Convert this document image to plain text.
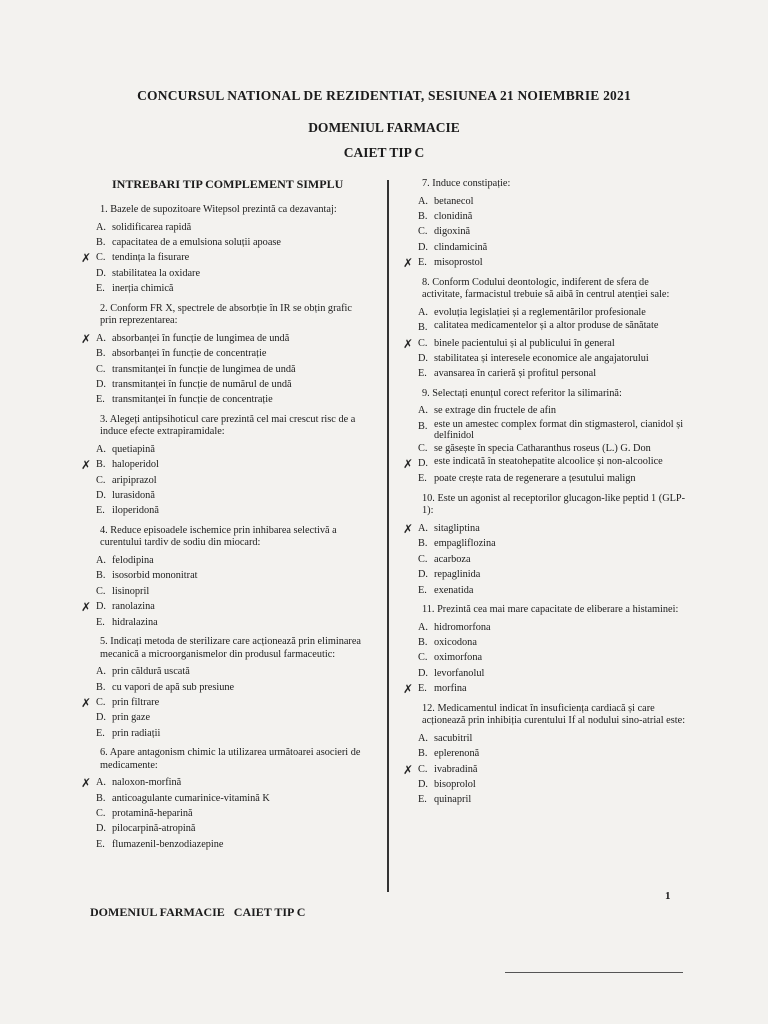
CONCURSUL NATIONAL DE REZIDENTIAT, SESIUNEA 21 NOIEMBRIE 2021
DOMENIUL FARMACIE
CAIET TIP C
INTREBARI TIP COMPLEMENT SIMPLU
1. Bazele de supozitoare Witepsol prezintă ca dezavantaj:
A. solidificarea rapidă
B. capacitatea de a emulsiona soluții apoase
✗ C. tendința la fisurare
D. stabilitatea la oxidare
E. inerția chimică
2. Conform FR X, spectrele de absorbție în IR se obțin grafic prin reprezentarea:
✗ A. absorbanței în funcție de lungimea de undă
B. absorbanței în funcție de concentrație
C. transmitanței în funcție de lungimea de undă
D. transmitanței în funcție de numărul de undă
E. transmitanței în funcție de concentrație
3. Alegeți antipsihoticul care prezintă cel mai crescut risc de a induce efecte extrapiramidale:
A. quetiapină
✗ B. haloperidol
C. aripiprazol
D. lurasidonă
E. iloperidonă
4. Reduce episoadele ischemice prin inhibarea selectivă a curentului tardiv de sodiu din miocard:
A. felodipina
B. isosorbid mononitrat
C. lisinopril
✗ D. ranolazina
E. hidralazina
5. Indicați metoda de sterilizare care acționează prin eliminarea mecanică a microorganismelor din produsul farmaceutic:
A. prin căldură uscată
B. cu vapori de apă sub presiune
✗ C. prin filtrare
D. prin gaze
E. prin radiații
6. Apare antagonism chimic la utilizarea următoarei asocieri de medicamente:
✗ A. naloxon-morfină
B. anticoagulante cumarinice-vitamină K
C. protamină-heparină
D. pilocarpină-atropină
E. flumazenil-benzodiazepine
7. Induce constipație:
A. betanecol
B. clonidină
C. digoxină
D. clindamicină
✗ E. misoprostol
8. Conform Codului deontologic, indiferent de sfera de activitate, farmacistul trebuie să aibă în centrul atenției sale:
A. evoluția legislației și a reglementărilor profesionale
B. calitatea medicamentelor și a altor produse de sănătate
✗ C. binele pacientului și al publicului în general
D. stabilitatea și interesele economice ale angajatorului
E. avansarea în carieră și profitul personal
9. Selectați enunțul corect referitor la silimarină:
A. se extrage din fructele de afin
B. este un amestec complex format din stigmasterol, cianidol și delfinidol
C. se găsește în specia Catharanthus roseus (L.) G. Don
✗ D. este indicată în steatohepatite alcoolice și non-alcoolice
E. poate crește rata de regenerare a țesutului malign
10. Este un agonist al receptorilor glucagon-like peptid 1 (GLP-1):
✗ A. sitagliptina
B. empagliflozina
C. acarboza
D. repaglinida
E. exenatida
11. Prezintă cea mai mare capacitate de eliberare a histaminei:
A. hidromorfona
B. oxicodona
C. oximorfona
D. levorfanolul
✗ E. morfina
12. Medicamentul indicat în insuficiența cardiacă și care acționează prin inhibiția curentului If al nodului sino-atrial este:
A. sacubitril
B. eplerenonă
✗ C. ivabradină
D. bisoprolol
E. quinapril
1
DOMENIUL FARMACIE   CAIET TIP C
